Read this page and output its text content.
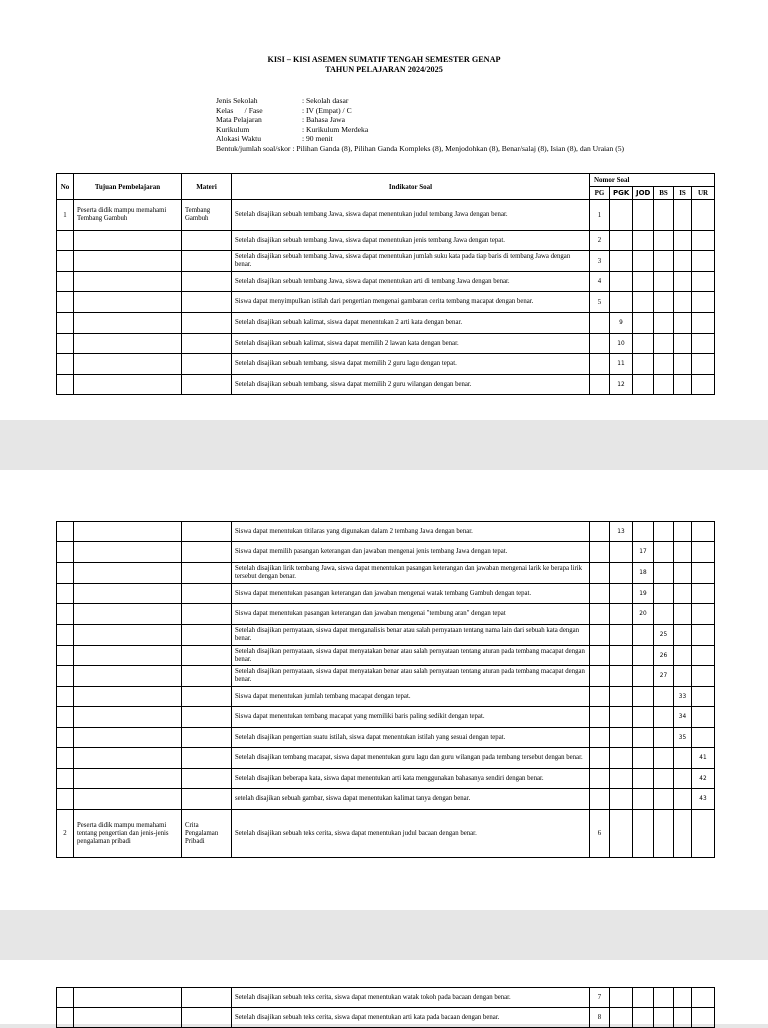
KISI – KISI ASEMEN SUMATIF TENGAH SEMESTER GENAP
TAHUN PELAJARAN 2024/2025
Jenis Sekolah	: Sekolah dasar
Kelas      / Fase	: IV (Empat) / C
Mata Pelajaran	: Bahasa Jawa
Kurikulum	: Kurikulum Merdeka
Alokasi Waktu	: 90 menit
Bentuk/jumlah soal/skor
: Pilihan Ganda (8), Pilihan Ganda Kompleks (8), Menjodohkan (8), Benar/salaj (8), Isian (8), dan Uraian (5)
No	Tujuan Pembelajaran	Materi	Indikator Soal	Nomor Soal					
				PG	PGK	JOD	BS	IS	UR
1	Peserta didik mampu memahami Tembang Gambuh	Tembang Gambuh	Setelah disajikan sebuah tembang Jawa, siswa dapat menentukan judul tembang Jawa dengan benar.	1					
			Setelah disajikan sebuah tembang Jawa, siswa dapat menentukan jenis tembang Jawa dengan tepat.	2					
			Setelah disajikan sebuah tembang Jawa, siswa dapat menentukan jumlah suku kata pada tiap baris di tembang Jawa dengan benar.	3					
			Setelah disajikan sebuah tembang Jawa, siswa dapat menentukan arti di tembang Jawa dengan benar.	4					
			Siswa dapat menyimpulkan istilah dari pengertian mengenai gambaran cerita tembang macapat dengan benar.	5					
			Setelah disajikan sebuah kalimat, siswa dapat menentukan 2 arti kata dengan benar.		9				
			Setelah disajikan sebuah kalimat, siswa dapat memilih 2 lawan kata dengan benar.		10				
			Setelah disajikan sebuah tembang, siswa dapat memilih 2 guru lagu dengan tepat.		11				
			Setelah disajikan sebuah tembang, siswa dapat memilih 2 guru wilangan dengan benar.		12				
			Siswa dapat menentukan titilaras yang digunakan dalam 2 tembang Jawa dengan benar.		13				
			Siswa dapat memilih pasangan keterangan dan jawaban mengenai jenis tembang Jawa dengan tepat.			17			
			Setelah disajikan lirik tembang Jawa, siswa dapat menentukan pasangan keterangan dan jawaban mengenai larik ke berapa lirik tersebut dengan benar.			18			
			Siswa dapat menentukan pasangan keterangan dan jawaban mengenai watak tembang Gambuh dengan tepat.			19			
			Siswa dapat menentukan pasangan keterangan dan jawaban mengenai "tembung aran" dengan tepat			20			
			Setelah disajikan pernyataan, siswa dapat menganalisis benar atau salah pernyataan tentang nama lain dari sebuah kata dengan benar.				25		
			Setelah disajikan pernyataan, siswa dapat menyatakan benar atau salah pernyataan tentang aturan pada tembang macapat dengan benar.				26		
			Setelah disajikan pernyataan, siswa dapat menyatakan benar atau salah pernyataan tentang aturan pada tembang macapat dengan benar.				27		
			Siswa dapat menentukan jumlah tembang macapat dengan tepat.					33	
			Siswa dapat menentukan tembang macapat yang memiliki baris paling sedikit dengan tepat.					34	
			Setelah disajikan pengertian suatu istilah, siswa dapat menentukan istilah yang sesuai dengan tepat.					35	
			Setelah disajikan tembang macapat, siswa dapat menentukan guru lagu dan guru wilangan pada tembang tersebut dengan benar.						41
			Setelah disajikan beberapa kata, siswa dapat menentukan arti kata menggunakan bahasanya sendiri dengan benar.						42
			setelah disajikan sebuah gambar, siswa dapat menentukan kalimat tanya dengan benar.						43
2	Peserta didik mampu memahami tentang pengertian dan jenis-jenis pengalaman pribadi	Crita Pengalaman Pribadi	Setelah disajikan sebuah teks cerita, siswa dapat menentukan judul bacaan dengan benar.	6					
			Setelah disajikan sebuah teks cerita, siswa dapat menentukan watak tokoh pada bacaan dengan benar.	7					
			Setelah disajikan sebuah teks cerita, siswa dapat menentukan arti kata pada bacaan dengan benar.	8					
